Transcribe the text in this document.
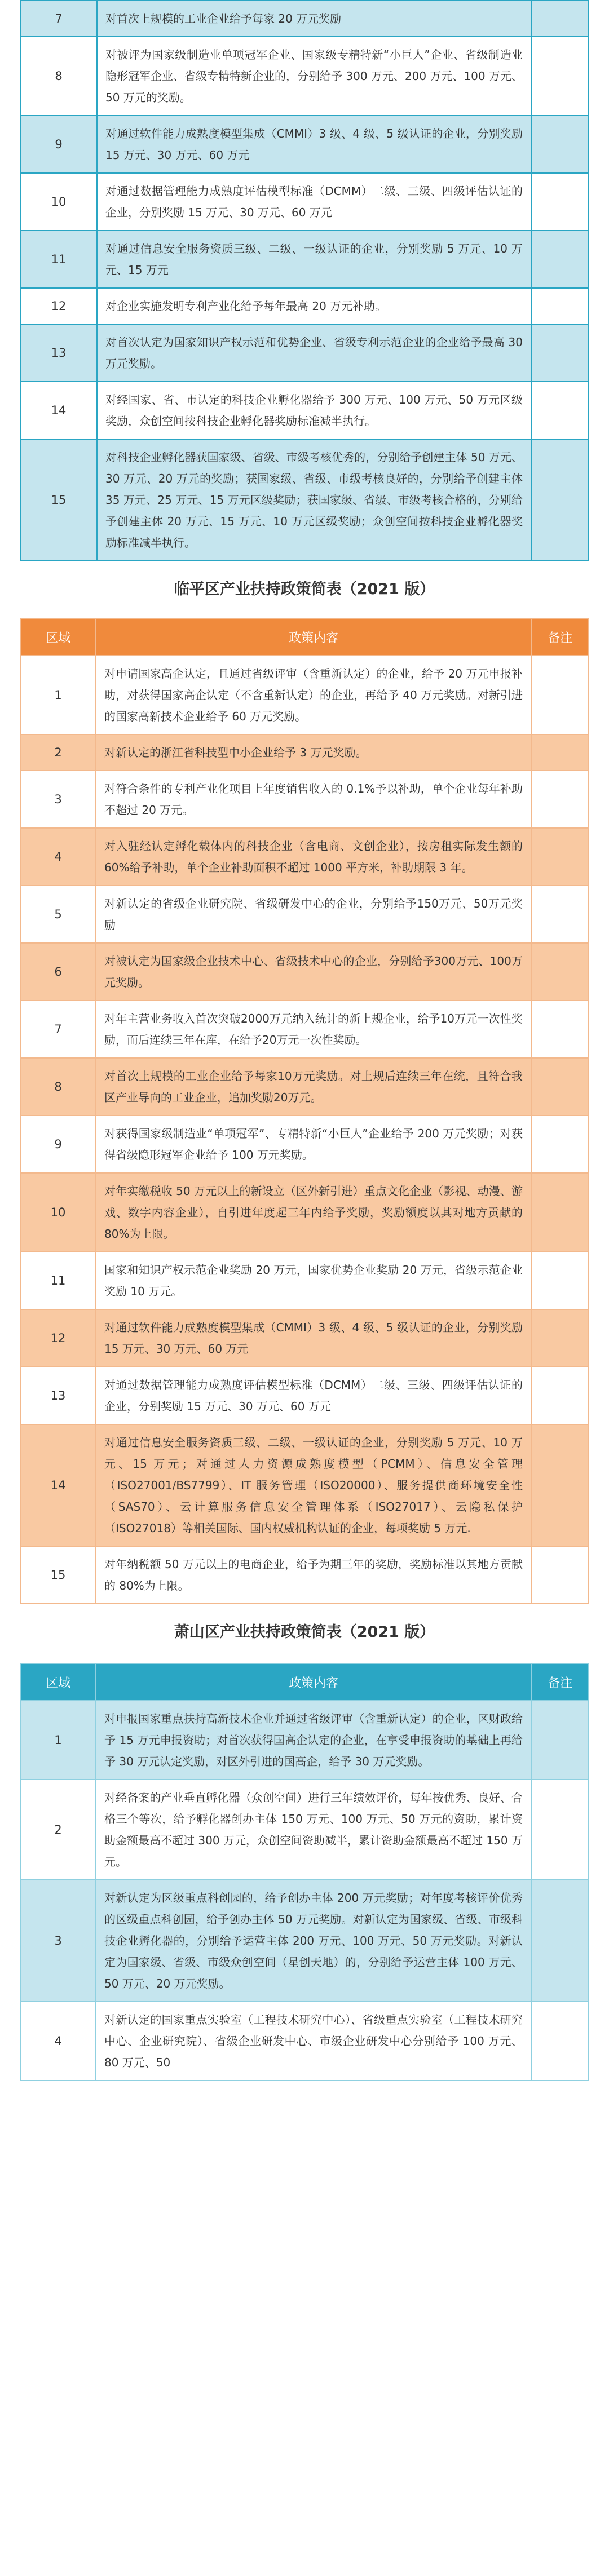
7	对首次上规模的工业企业给予每家 20 万元奖励	
8	对被评为国家级制造业单项冠军企业、国家级专精特新“小巨人”企业、省级制造业隐形冠军企业、省级专精特新企业的，分别给予 300 万元、200 万元、100 万元、50 万元的奖励。	
9	对通过软件能力成熟度模型集成（CMMI）3 级、4 级、5 级认证的企业，分别奖励 15 万元、30 万元、60 万元	
10	对通过数据管理能力成熟度评估模型标准（DCMM）二级、三级、四级评估认证的企业，分别奖励 15 万元、30 万元、60 万元	
11	对通过信息安全服务资质三级、二级、一级认证的企业，分别奖励 5 万元、10 万元、15 万元	
12	对企业实施发明专利产业化给予每年最高 20 万元补助。	
13	对首次认定为国家知识产权示范和优势企业、省级专利示范企业的企业给予最高 30 万元奖励。	
14	对经国家、省、市认定的科技企业孵化器给予 300 万元、100 万元、50 万元区级奖励，众创空间按科技企业孵化器奖励标准减半执行。	
15	对科技企业孵化器获国家级、省级、市级考核优秀的，分别给予创建主体 50 万元、30 万元、20 万元的奖励；获国家级、省级、市级考核良好的，分别给予创建主体 35 万元、25 万元、15 万元区级奖励；获国家级、省级、市级考核合格的，分别给予创建主体 20 万元、15 万元、10 万元区级奖励；众创空间按科技企业孵化器奖励标准减半执行。	
临平区产业扶持政策简表（2021 版）
区域	政策内容	备注
1	对申请国家高企认定，且通过省级评审（含重新认定）的企业，给予 20 万元申报补助，对获得国家高企认定（不含重新认定）的企业，再给予 40 万元奖励。对新引进的国家高新技术企业给予 60 万元奖励。	
2	对新认定的浙江省科技型中小企业给予 3 万元奖励。	
3	对符合条件的专利产业化项目上年度销售收入的 0.1%予以补助，单个企业每年补助不超过 20 万元。	
4	对入驻经认定孵化载体内的科技企业（含电商、文创企业），按房租实际发生额的 60%给予补助，单个企业补助面积不超过 1000 平方米，补助期限 3 年。	
5	对新认定的省级企业研究院、省级研发中心的企业，分别给予150万元、50万元奖励	
6	对被认定为国家级企业技术中心、省级技术中心的企业，分别给予300万元、100万元奖励。	
7	对年主营业务收入首次突破2000万元纳入统计的新上规企业，给予10万元一次性奖励，而后连续三年在库，在给予20万元一次性奖励。	
8	对首次上规模的工业企业给予每家10万元奖励。对上规后连续三年在统，且符合我区产业导向的工业企业，追加奖励20万元。	
9	对获得国家级制造业“单项冠军”、专精特新“小巨人”企业给予 200 万元奖励；对获得省级隐形冠军企业给予 100 万元奖励。	
10	对年实缴税收 50 万元以上的新设立（区外新引进）重点文化企业（影视、动漫、游戏、数字内容企业），自引进年度起三年内给予奖励，奖励额度以其对地方贡献的 80%为上限。	
11	国家和知识产权示范企业奖励 20 万元，国家优势企业奖励 20 万元，省级示范企业奖励 10 万元。	
12	对通过软件能力成熟度模型集成（CMMI）3 级、4 级、5 级认证的企业，分别奖励 15 万元、30 万元、60 万元	
13	对通过数据管理能力成熟度评估模型标准（DCMM）二级、三级、四级评估认证的企业，分别奖励 15 万元、30 万元、60 万元	
14	对通过信息安全服务资质三级、二级、一级认证的企业，分别奖励 5 万元、10 万元、15 万元；对通过人力资源成熟度模型（PCMM）、信息安全管理（ISO27001/BS7799）、IT 服务管理（ISO20000）、服务提供商环境安全性（SAS70）、云计算服务信息安全管理体系（ISO27017）、云隐私保护（ISO27018）等相关国际、国内权威机构认证的企业，每项奖励 5 万元.	
15	对年纳税额 50 万元以上的电商企业，给予为期三年的奖励，奖励标准以其地方贡献的 80%为上限。	
萧山区产业扶持政策简表（2021 版）
区域	政策内容	备注
1	对申报国家重点扶持高新技术企业并通过省级评审（含重新认定）的企业，区财政给予 15 万元申报资助；对首次获得国高企认定的企业，在享受申报资助的基础上再给予 30 万元认定奖励，对区外引进的国高企，给予 30 万元奖励。	
2	对经备案的产业垂直孵化器（众创空间）进行三年绩效评价，每年按优秀、良好、合格三个等次，给予孵化器创办主体 150 万元、100 万元、50 万元的资助，累计资助金额最高不超过 300 万元，众创空间资助减半，累计资助金额最高不超过 150 万元。	
3	对新认定为区级重点科创园的，给予创办主体 200 万元奖励；对年度考核评价优秀的区级重点科创园，给予创办主体 50 万元奖励。对新认定为国家级、省级、市级科技企业孵化器的，分别给予运营主体 200 万元、100 万元、50 万元奖励。对新认定为国家级、省级、市级众创空间（星创天地）的，分别给予运营主体 100 万元、50 万元、20 万元奖励。	
4	对新认定的国家重点实验室（工程技术研究中心）、省级重点实验室（工程技术研究中心、企业研究院）、省级企业研发中心、市级企业研发中心分别给予 100 万元、80 万元、50	
